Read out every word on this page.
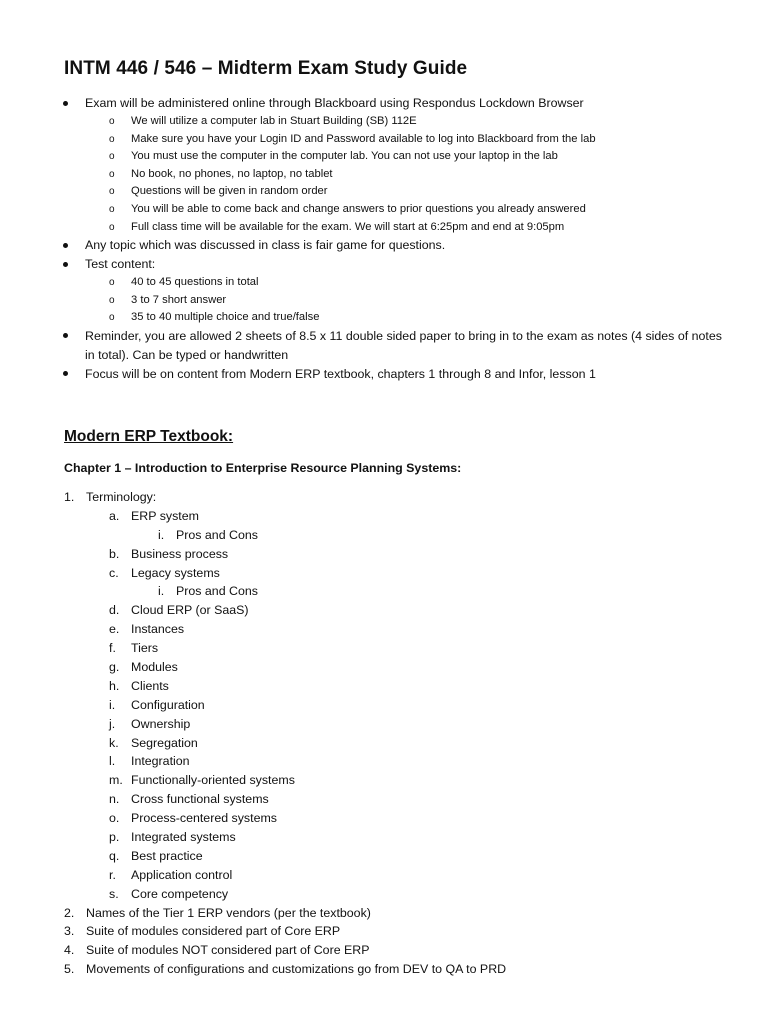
INTM 446 / 546 – Midterm Exam Study Guide
Exam will be administered online through Blackboard using Respondus Lockdown Browser
o We will utilize a computer lab in Stuart Building (SB) 112E
o Make sure you have your Login ID and Password available to log into Blackboard from the lab
o You must use the computer in the computer lab. You can not use your laptop in the lab
o No book, no phones, no laptop, no tablet
o Questions will be given in random order
o You will be able to come back and change answers to prior questions you already answered
o Full class time will be available for the exam. We will start at 6:25pm and end at 9:05pm
Any topic which was discussed in class is fair game for questions.
Test content:
o 40 to 45 questions in total
o 3 to 7 short answer
o 35 to 40 multiple choice and true/false
Reminder, you are allowed 2 sheets of 8.5 x 11 double sided paper to bring in to the exam as notes (4 sides of notes in total). Can be typed or handwritten
Focus will be on content from Modern ERP textbook, chapters 1 through 8 and Infor, lesson 1
Modern ERP Textbook:
Chapter 1 – Introduction to Enterprise Resource Planning Systems:
1. Terminology:
a. ERP system
i. Pros and Cons
b. Business process
c. Legacy systems
i. Pros and Cons
d. Cloud ERP (or SaaS)
e. Instances
f. Tiers
g. Modules
h. Clients
i. Configuration
j. Ownership
k. Segregation
l. Integration
m. Functionally-oriented systems
n. Cross functional systems
o. Process-centered systems
p. Integrated systems
q. Best practice
r. Application control
s. Core competency
2. Names of the Tier 1 ERP vendors (per the textbook)
3. Suite of modules considered part of Core ERP
4. Suite of modules NOT considered part of Core ERP
5. Movements of configurations and customizations go from DEV to QA to PRD
